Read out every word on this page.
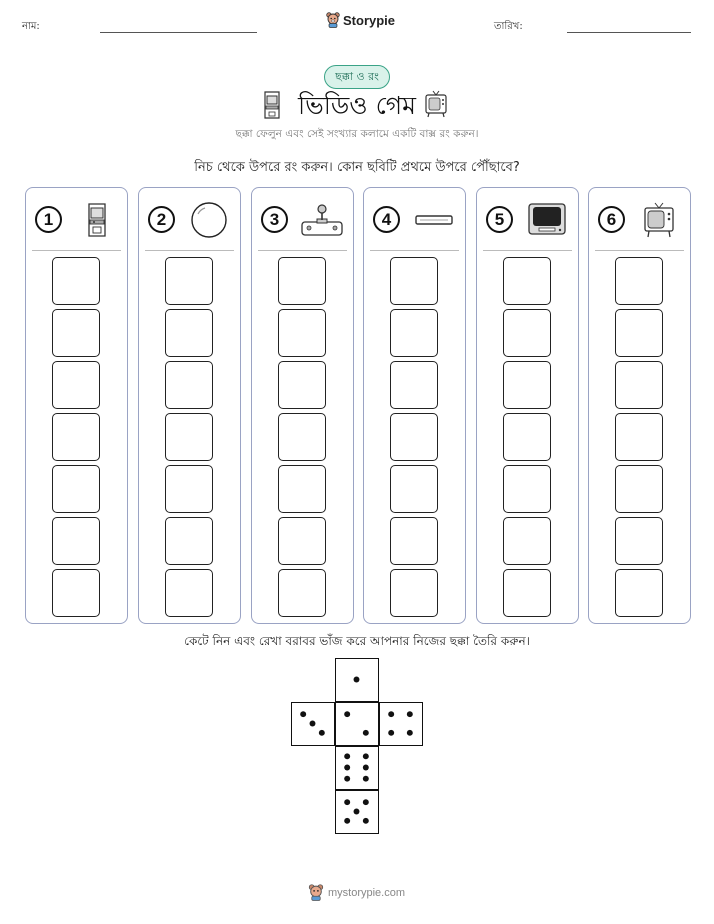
নাম:	Storypie	তারিখ:
ছক্কা ও রং
ভিডিও গেম
ছক্কা ফেলুন এবং সেই সংখ্যার কলামে একটি বাক্স রং করুন।
নিচ থেকে উপরে রং করুন। কোন ছবিটি প্রথমে উপরে পৌঁছাবে?
1	2	3	4	5	6
কেটে নিন এবং রেখা বরাবর ভাঁজ করে আপনার নিজের ছক্কা তৈরি করুন।
mystorypie.com
